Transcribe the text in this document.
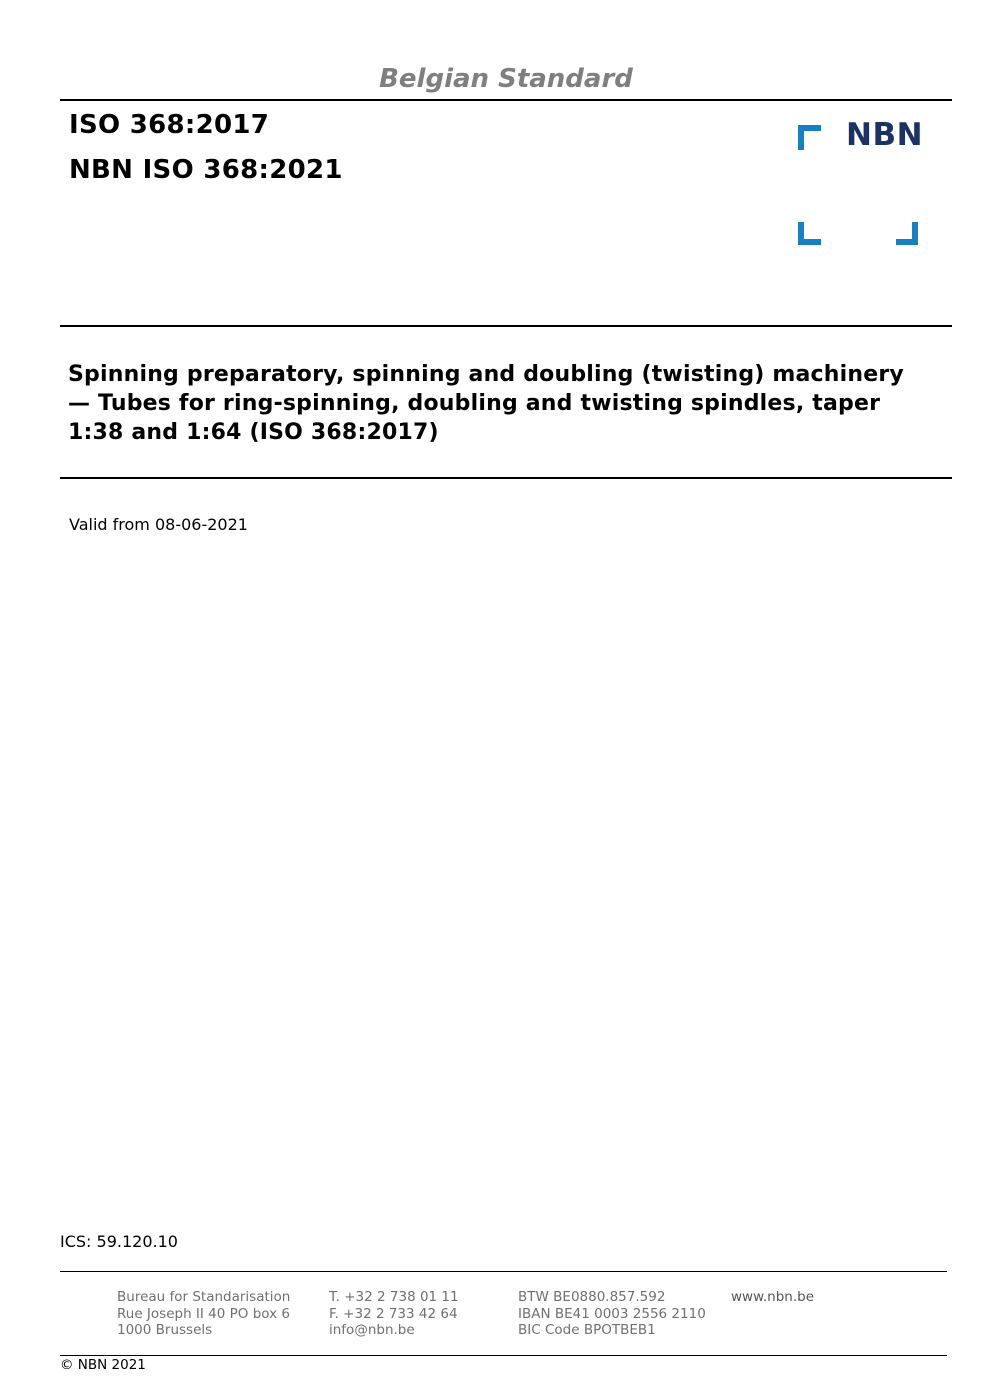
Belgian Standard
ISO 368:2017
NBN ISO 368:2021
NBN
Spinning preparatory, spinning and doubling (twisting) machinery
— Tubes for ring-spinning, doubling and twisting spindles, taper
1:38 and 1:64 (ISO 368:2017)
Valid from 08-06-2021
ICS: 59.120.10
Bureau for Standarisation
Rue Joseph II 40 PO box 6
1000 Brussels
T. +32 2 738 01 11
F. +32 2 733 42 64
info@nbn.be
BTW BE0880.857.592
IBAN BE41 0003 2556 2110
BIC Code BPOTBEB1
www.nbn.be
© NBN 2021
